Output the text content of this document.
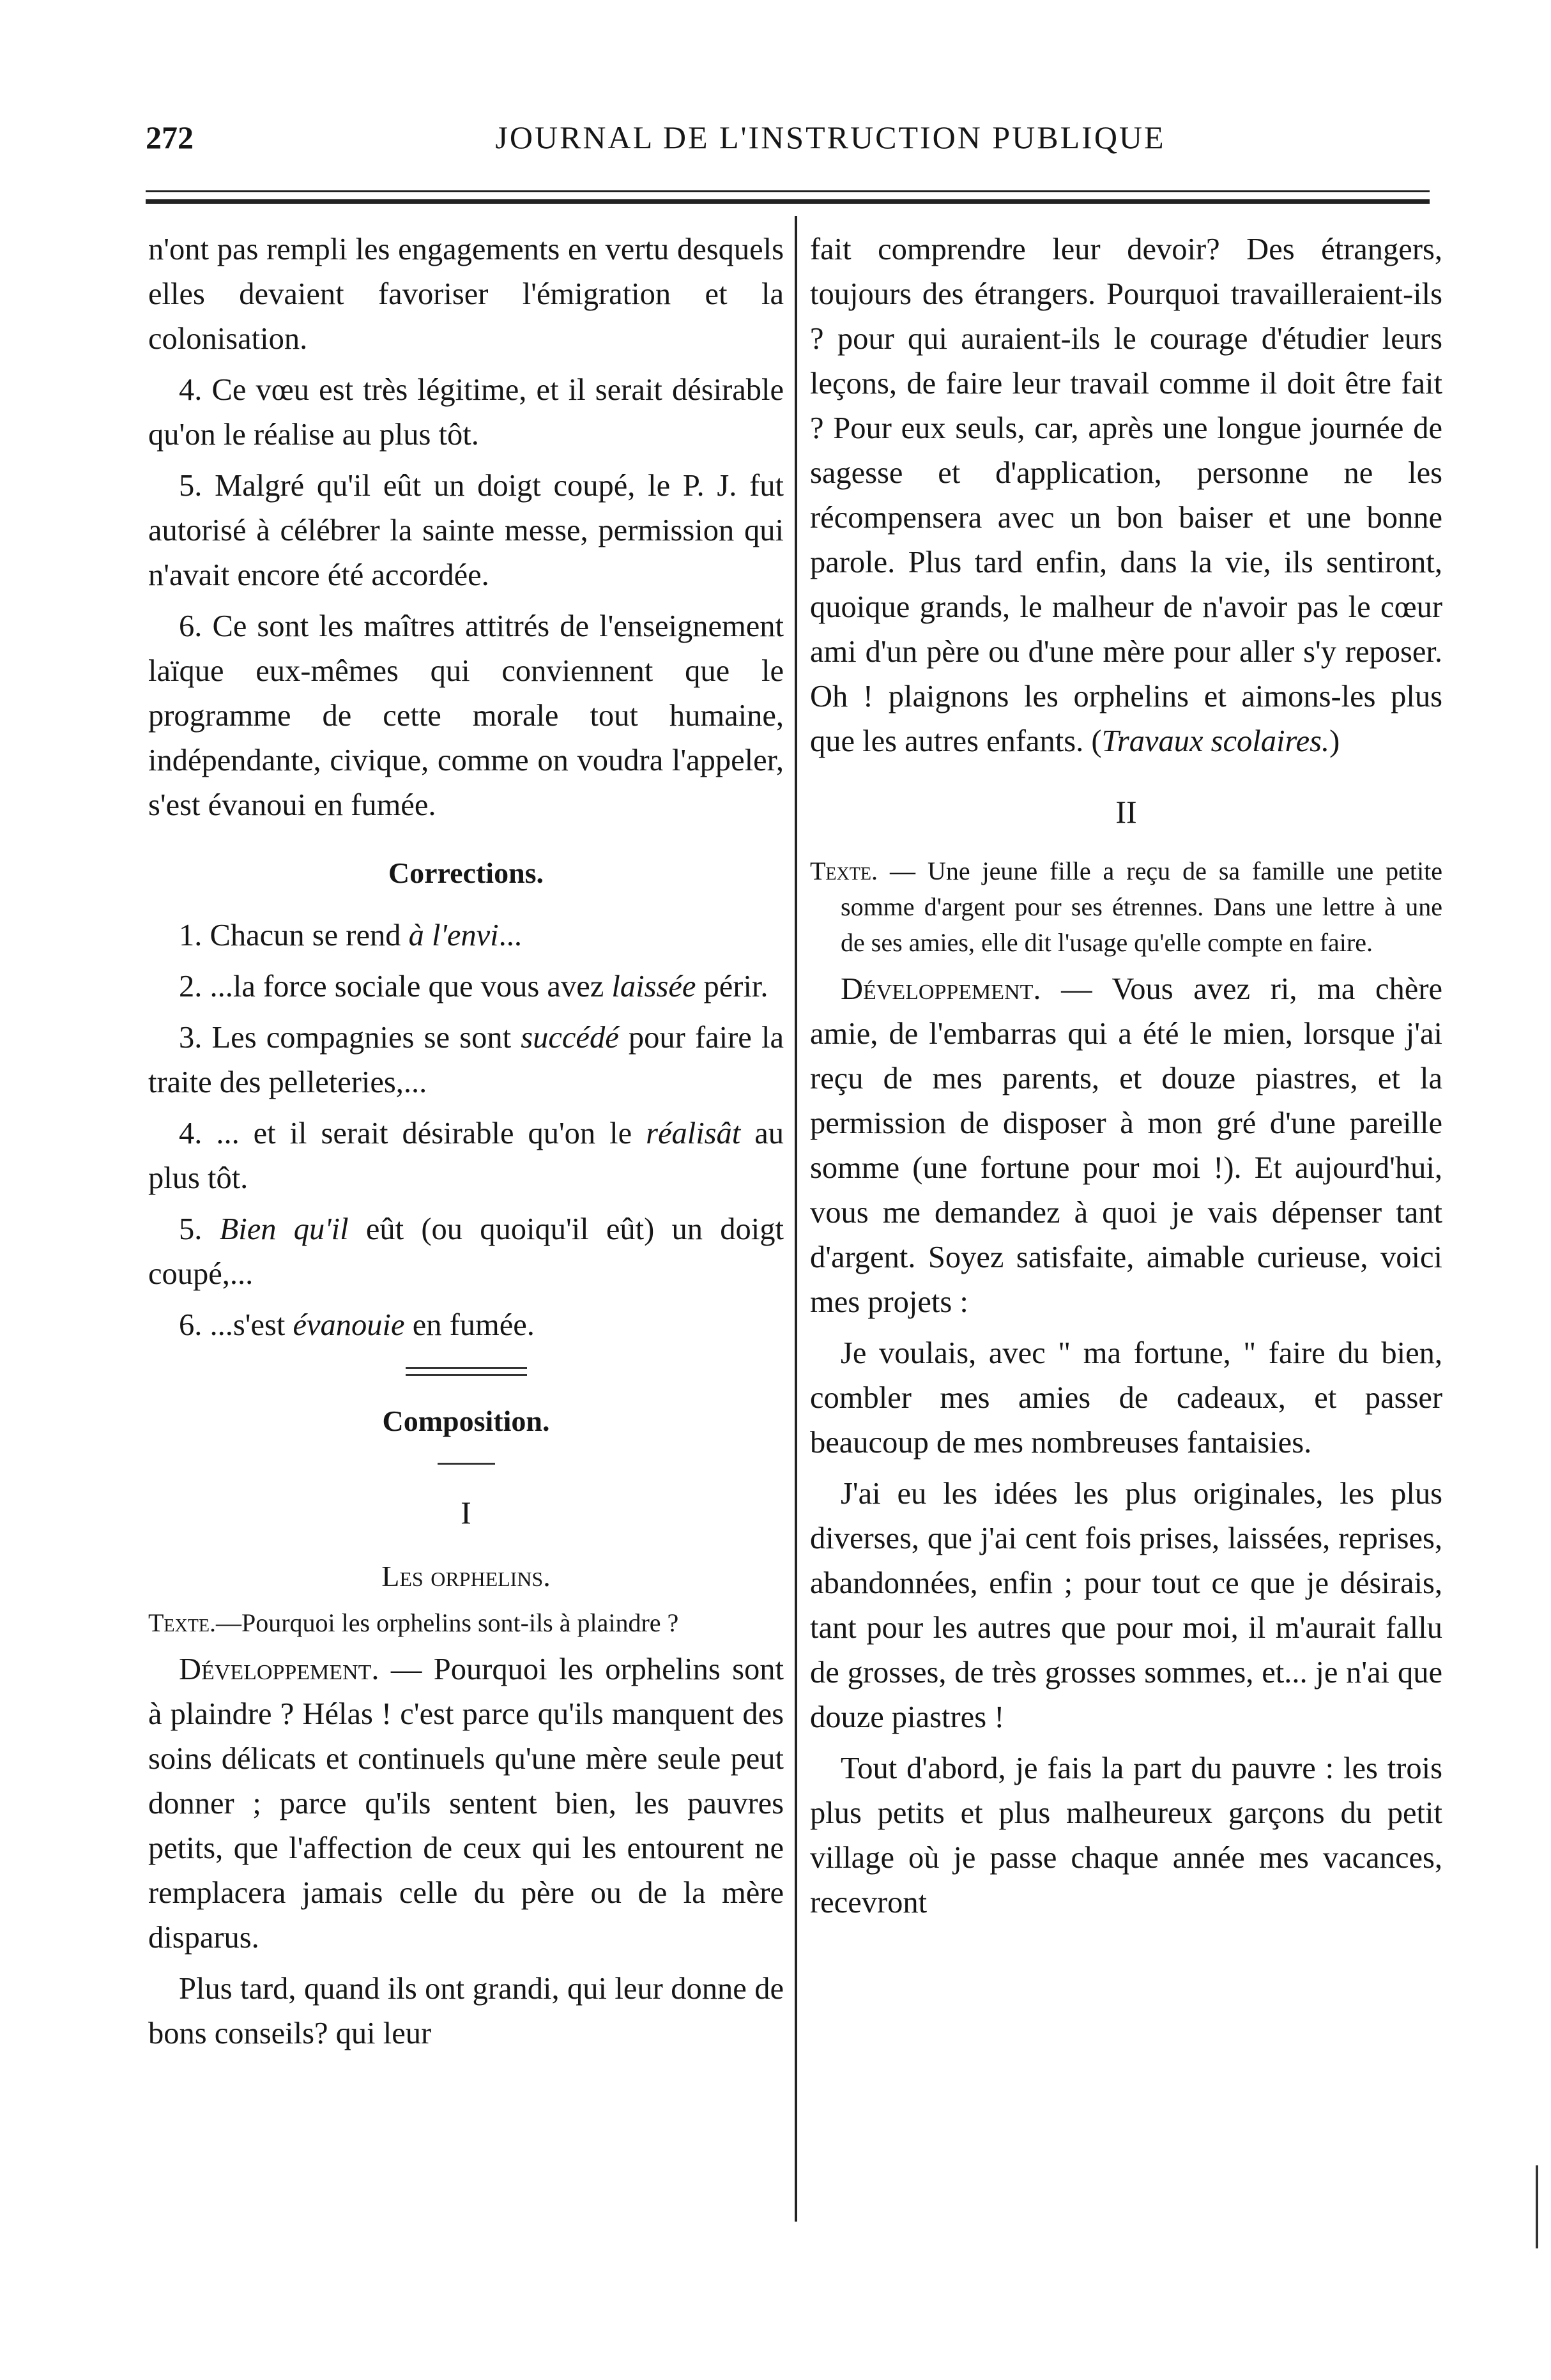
272	JOURNAL DE L'INSTRUCTION PUBLIQUE

n'ont pas rempli les engagements en vertu desquels elles devaient favoriser l'émigration et la colonisation.

4. Ce vœu est très légitime, et il serait désirable qu'on le réalise au plus tôt.

5. Malgré qu'il eût un doigt coupé, le P. J. fut autorisé à célébrer la sainte messe, permission qui n'avait encore été accordée.

6. Ce sont les maîtres attitrés de l'enseignement laïque eux-mêmes qui conviennent que le programme de cette morale tout humaine, indépendante, civique, comme on voudra l'appeler, s'est évanoui en fumée.

Corrections.

1. Chacun se rend à l'envi...

2. ...la force sociale que vous avez laissée périr.

3. Les compagnies se sont succédé pour faire la traite des pelleteries,...

4. ... et il serait désirable qu'on le réalisât au plus tôt.

5. Bien qu'il eût (ou quoiqu'il eût) un doigt coupé,...

6. ...s'est évanouie en fumée.

Composition.
I
Les orphelins.

Texte.—Pourquoi les orphelins sont-ils à plaindre ?

Développement. — Pourquoi les orphelins sont à plaindre ? Hélas ! c'est parce qu'ils manquent des soins délicats et continuels qu'une mère seule peut donner ; parce qu'ils sentent bien, les pauvres petits, que l'affection de ceux qui les entourent ne remplacera jamais celle du père ou de la mère disparus.

Plus tard, quand ils ont grandi, qui leur donne de bons conseils? qui leur

fait comprendre leur devoir? Des étrangers, toujours des étrangers. Pourquoi travailleraient-ils ? pour qui auraient-ils le courage d'étudier leurs leçons, de faire leur travail comme il doit être fait ? Pour eux seuls, car, après une longue journée de sagesse et d'application, personne ne les récompensera avec un bon baiser et une bonne parole. Plus tard enfin, dans la vie, ils sentiront, quoique grands, le malheur de n'avoir pas le cœur ami d'un père ou d'une mère pour aller s'y reposer. Oh ! plaignons les orphelins et aimons-les plus que les autres enfants. (Travaux scolaires.)

II

Texte. — Une jeune fille a reçu de sa famille une petite somme d'argent pour ses étrennes. Dans une lettre à une de ses amies, elle dit l'usage qu'elle compte en faire.

Développement. — Vous avez ri, ma chère amie, de l'embarras qui a été le mien, lorsque j'ai reçu de mes parents, et douze piastres, et la permission de disposer à mon gré d'une pareille somme (une fortune pour moi !). Et aujourd'hui, vous me demandez à quoi je vais dépenser tant d'argent. Soyez satisfaite, aimable curieuse, voici mes projets :

Je voulais, avec " ma fortune, " faire du bien, combler mes amies de cadeaux, et passer beaucoup de mes nombreuses fantaisies.

J'ai eu les idées les plus originales, les plus diverses, que j'ai cent fois prises, laissées, reprises, abandonnées, enfin ; pour tout ce que je désirais, tant pour les autres que pour moi, il m'aurait fallu de grosses, de très grosses sommes, et... je n'ai que douze piastres !

Tout d'abord, je fais la part du pauvre : les trois plus petits et plus malheureux garçons du petit village où je passe chaque année mes vacances, recevront
